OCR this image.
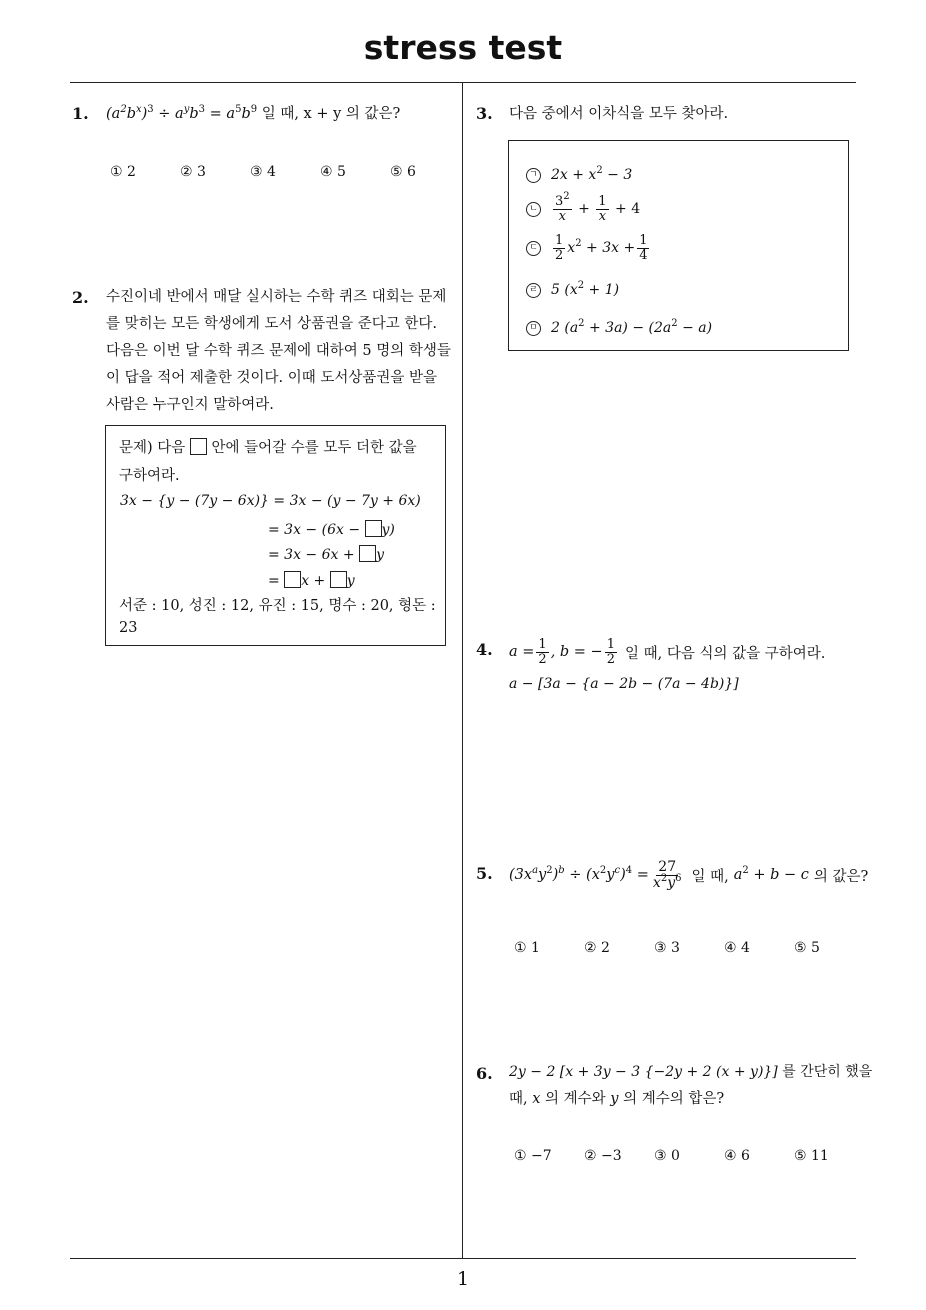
stress test
1
1. $(a^2b^x)^3 \div a^yb^3 = a^5b^9$ 일 때, x + y 의 값은?
① 2	② 3	③ 4	④ 5	⑤ 6
2. 수진이네 반에서 매달 실시하는 수학 퀴즈 대회는 문제
를 맞히는 모든 학생에게 도서 상품권을 준다고 한다.
다음은 이번 달 수학 퀴즈 문제에 대하여 5 명의 학생들
이 답을 적어 제출한 것이다. 이때 도서상품권을 받을
사람은 누구인지 말하여라.
문제) 다음 안에 들어갈 수를 모두 더한 값을
구하여라.
3x − {y − (7y − 6x)} = 3x − (y − 7y + 6x)
= 3x − (6x − y)
= 3x − 6x + y
= x + y
서준 : 10, 성진 : 12, 유진 : 15, 명수 : 20, 형돈 :
23
3. 다음 중에서 이차식을 모두 찾아라.
ㄱ $2x + x^2 - 3$
ㄴ $\frac{3^2}{x} + \frac{1}{x} + 4$
ㄷ $\frac{1}{2} x^2 + 3x + \frac{1}{4}$
ㄹ 5 $(x^2 + 1)$
ㅁ 2 $(a^2 + 3a) - (2a^2 - a)$
4. $a = \frac{1}{2}$ , b = − $\frac{1}{2}$ 일 때, 다음 식의 값을 구하여라.
a − [3a − {a − 2b − (7a − 4b)}]
5. $(3x^ay^2)^b \div (x^2y^c)^4 = \frac{27}{x^2y^6}$ 일 때, $a^2 + b - c$ 의 값은?
① 1	② 2	③ 3	④ 4	⑤ 5
6. 2y − 2 [x + 3y − 3 {−2y + 2 (x + y)}] 를 간단히 했을
때, x 의 계수와 y 의 계수의 합은?
① −7 ② −3 ③ 0	④ 6	⑤ 11
